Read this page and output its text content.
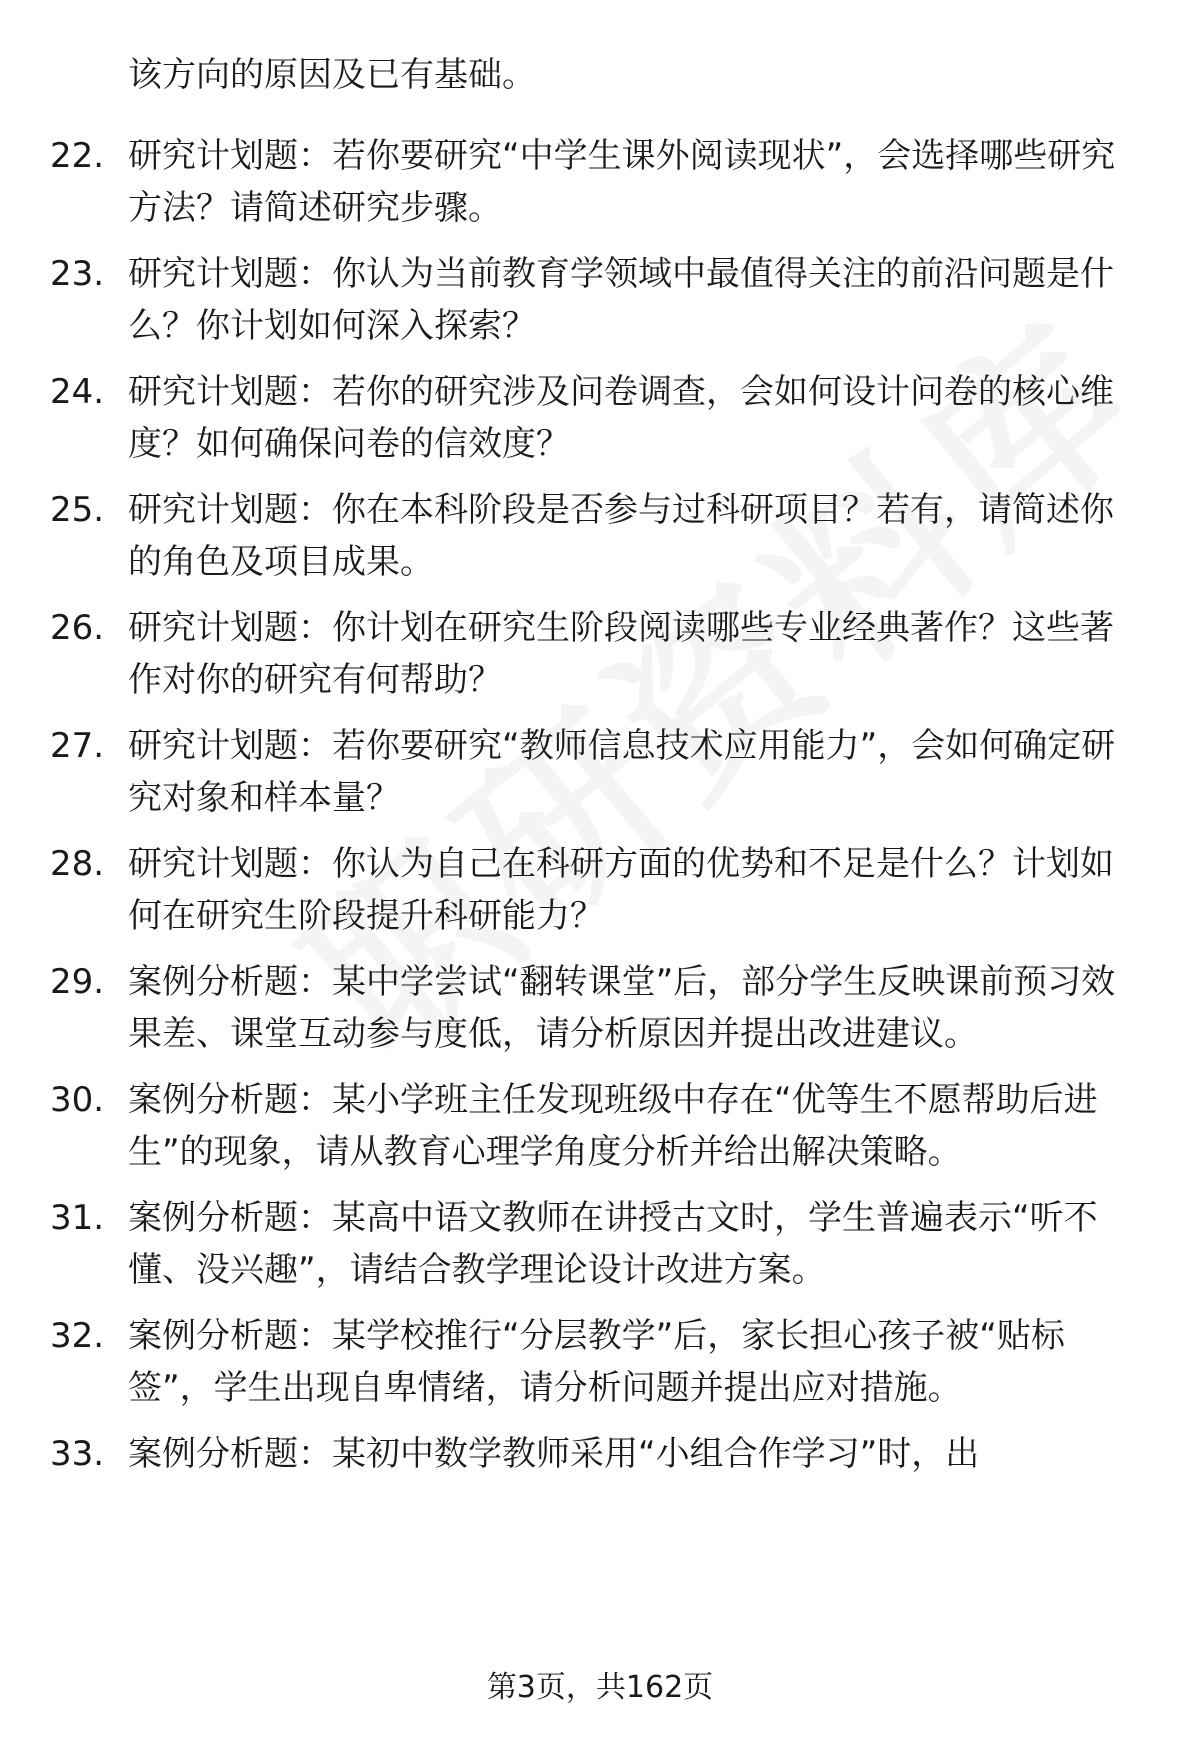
该方向的原因及已有基础。
22. 研究计划题：若你要研究“中学生课外阅读现状”，会选择哪些研究方法？请简述研究步骤。
23. 研究计划题：你认为当前教育学领域中最值得关注的前沿问题是什么？你计划如何深入探索？
24. 研究计划题：若你的研究涉及问卷调查，会如何设计问卷的核心维度？如何确保问卷的信效度？
25. 研究计划题：你在本科阶段是否参与过科研项目？若有，请简述你的角色及项目成果。
26. 研究计划题：你计划在研究生阶段阅读哪些专业经典著作？这些著作对你的研究有何帮助？
27. 研究计划题：若你要研究“教师信息技术应用能力”，会如何确定研究对象和样本量？
28. 研究计划题：你认为自己在科研方面的优势和不足是什么？计划如何在研究生阶段提升科研能力？
29. 案例分析题：某中学尝试“翻转课堂”后，部分学生反映课前预习效果差、课堂互动参与度低，请分析原因并提出改进建议。
30. 案例分析题：某小学班主任发现班级中存在“优等生不愿帮助后进生”的现象，请从教育心理学角度分析并给出解决策略。
31. 案例分析题：某高中语文教师在讲授古文时，学生普遍表示“听不懂、没兴趣”，请结合教学理论设计改进方案。
32. 案例分析题：某学校推行“分层教学”后，家长担心孩子被“贴标签”，学生出现自卑情绪，请分析问题并提出应对措施。
33. 案例分析题：某初中数学教师采用“小组合作学习”时，出
第3页，共162页
